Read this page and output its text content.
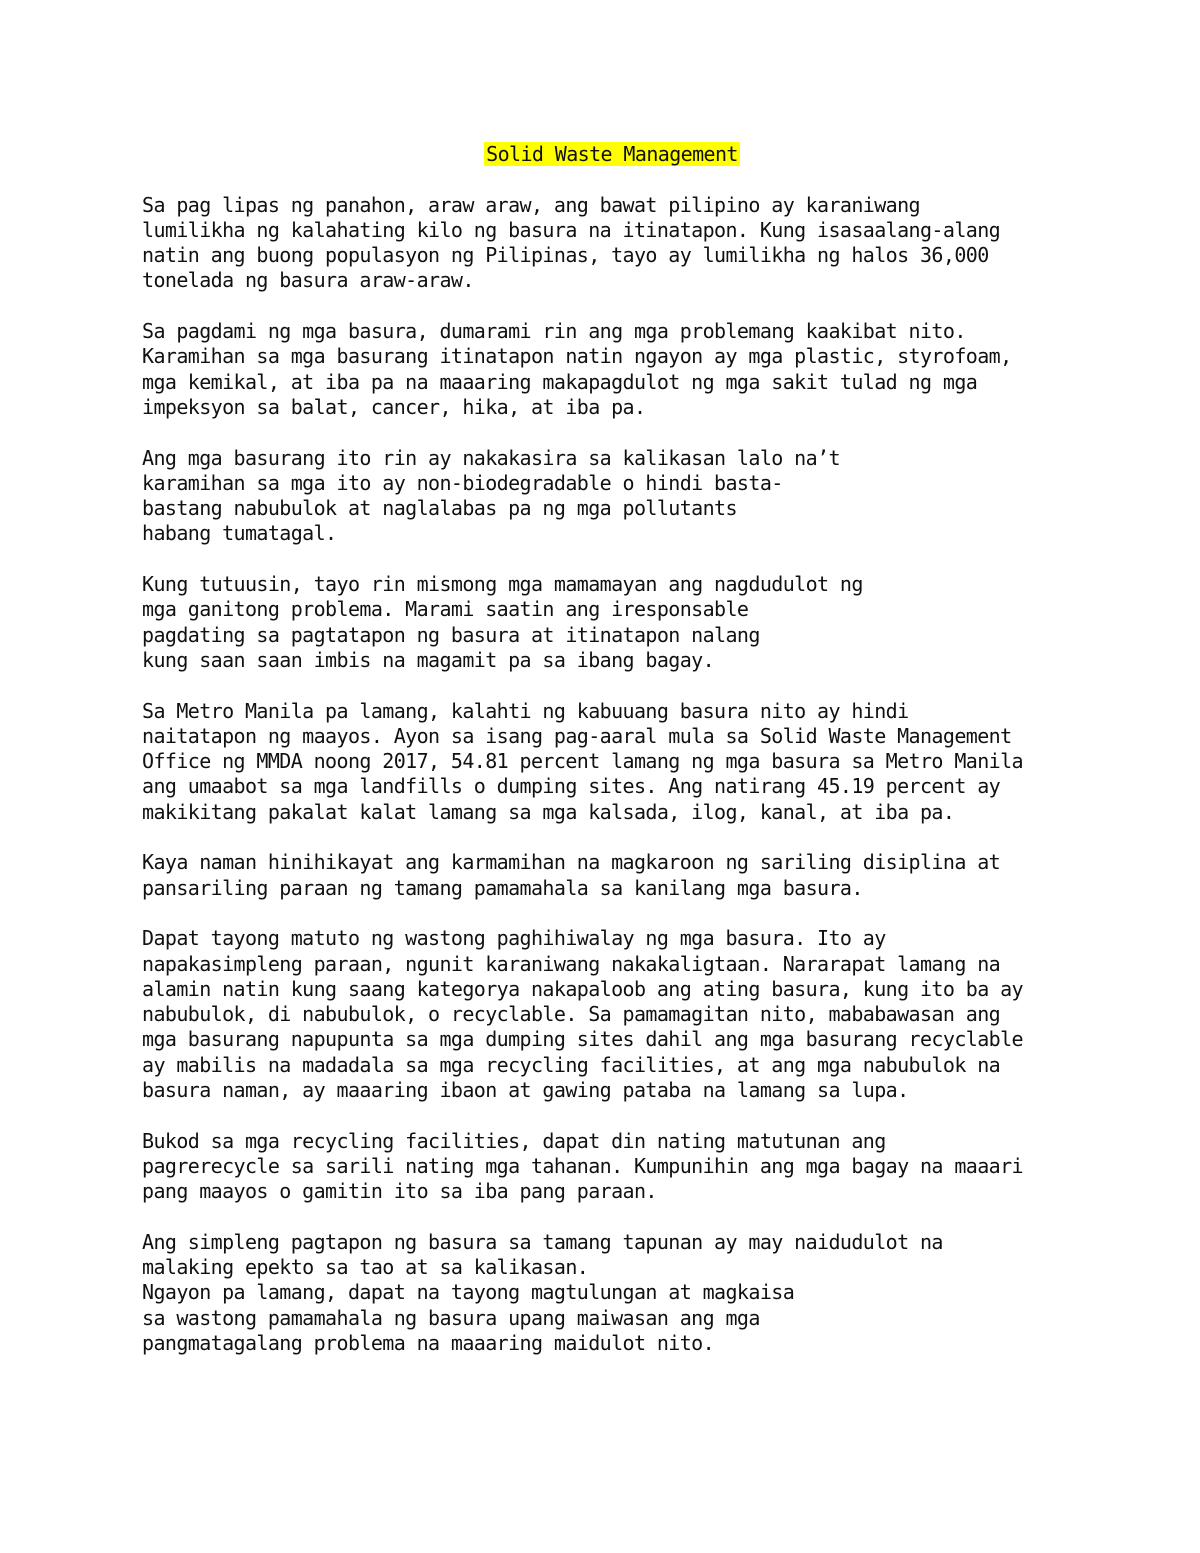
Solid Waste Management
Sa pag lipas ng panahon, araw araw, ang bawat pilipino ay karaniwang
lumilikha ng kalahating kilo ng basura na itinatapon. Kung isasaalang-alang
natin ang buong populasyon ng Pilipinas, tayo ay lumilikha ng halos 36,000
tonelada ng basura araw-araw.
Sa pagdami ng mga basura, dumarami rin ang mga problemang kaakibat nito.
Karamihan sa mga basurang itinatapon natin ngayon ay mga plastic, styrofoam,
mga kemikal, at iba pa na maaaring makapagdulot ng mga sakit tulad ng mga
impeksyon sa balat, cancer, hika, at iba pa.
Ang mga basurang ito rin ay nakakasira sa kalikasan lalo na’t
karamihan sa mga ito ay non-biodegradable o hindi basta-
bastang nabubulok at naglalabas pa ng mga pollutants
habang tumatagal.
Kung tutuusin, tayo rin mismong mga mamamayan ang nagdudulot ng
mga ganitong problema. Marami saatin ang iresponsable
pagdating sa pagtatapon ng basura at itinatapon nalang
kung saan saan imbis na magamit pa sa ibang bagay.
Sa Metro Manila pa lamang, kalahti ng kabuuang basura nito ay hindi
naitatapon ng maayos. Ayon sa isang pag-aaral mula sa Solid Waste Management
Office ng MMDA noong 2017, 54.81 percent lamang ng mga basura sa Metro Manila
ang umaabot sa mga landfills o dumping sites. Ang natirang 45.19 percent ay
makikitang pakalat kalat lamang sa mga kalsada, ilog, kanal, at iba pa.
Kaya naman hinihikayat ang karmamihan na magkaroon ng sariling disiplina at
pansariling paraan ng tamang pamamahala sa kanilang mga basura.
Dapat tayong matuto ng wastong paghihiwalay ng mga basura. Ito ay
napakasimpleng paraan, ngunit karaniwang nakakaligtaan. Nararapat lamang na
alamin natin kung saang kategorya nakapaloob ang ating basura, kung ito ba ay
nabubulok, di nabubulok, o recyclable. Sa pamamagitan nito, mababawasan ang
mga basurang napupunta sa mga dumping sites dahil ang mga basurang recyclable
ay mabilis na madadala sa mga recycling facilities, at ang mga nabubulok na
basura naman, ay maaaring ibaon at gawing pataba na lamang sa lupa.
Bukod sa mga recycling facilities, dapat din nating matutunan ang
pagrerecycle sa sarili nating mga tahanan. Kumpunihin ang mga bagay na maaari
pang maayos o gamitin ito sa iba pang paraan.
Ang simpleng pagtapon ng basura sa tamang tapunan ay may naidudulot na
malaking epekto sa tao at sa kalikasan.
Ngayon pa lamang, dapat na tayong magtulungan at magkaisa
sa wastong pamamahala ng basura upang maiwasan ang mga
pangmatagalang problema na maaaring maidulot nito.
